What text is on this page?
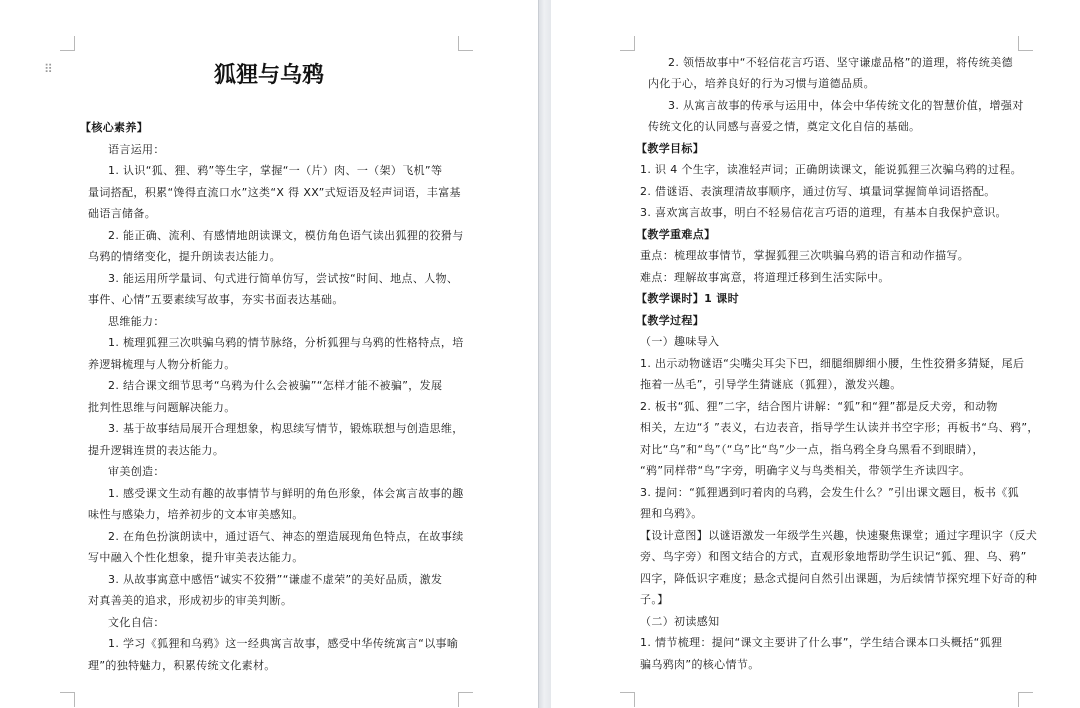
⠿	狐狸与乌鸦
【核心素养】
语言运用：
1. 认识“狐、狸、鸦”等生字，掌握“一（片）肉、一（架）飞机”等
量词搭配，积累“馋得直流口水”这类“X 得 XX”式短语及轻声词语，丰富基
础语言储备。
2. 能正确、流利、有感情地朗读课文，模仿角色语气读出狐狸的狡猾与
乌鸦的情绪变化，提升朗读表达能力。
3. 能运用所学量词、句式进行简单仿写，尝试按“时间、地点、人物、
事件、心情”五要素续写故事，夯实书面表达基础。
思维能力：
1. 梳理狐狸三次哄骗乌鸦的情节脉络，分析狐狸与乌鸦的性格特点，培
养逻辑梳理与人物分析能力。
2. 结合课文细节思考“乌鸦为什么会被骗”“怎样才能不被骗”，发展
批判性思维与问题解决能力。
3. 基于故事结局展开合理想象，构思续写情节，锻炼联想与创造思维，
提升逻辑连贯的表达能力。
审美创造：
1. 感受课文生动有趣的故事情节与鲜明的角色形象，体会寓言故事的趣
味性与感染力，培养初步的文本审美感知。
2. 在角色扮演朗读中，通过语气、神态的塑造展现角色特点，在故事续
写中融入个性化想象，提升审美表达能力。
3. 从故事寓意中感悟“诚实不狡猾”“谦虚不虚荣”的美好品质，激发
对真善美的追求，形成初步的审美判断。
文化自信：
1. 学习《狐狸和乌鸦》这一经典寓言故事，感受中华传统寓言“以事喻
理”的独特魅力，积累传统文化素材。
2. 领悟故事中“不轻信花言巧语、坚守谦虚品格”的道理，将传统美德
内化于心，培养良好的行为习惯与道德品质。
3. 从寓言故事的传承与运用中，体会中华传统文化的智慧价值，增强对
传统文化的认同感与喜爱之情，奠定文化自信的基础。
【教学目标】
1. 识 4 个生字，读准轻声词；正确朗读课文，能说狐狸三次骗乌鸦的过程。
2. 借谜语、表演理清故事顺序，通过仿写、填量词掌握简单词语搭配。
3. 喜欢寓言故事，明白不轻易信花言巧语的道理，有基本自我保护意识。
【教学重难点】
重点：梳理故事情节，掌握狐狸三次哄骗乌鸦的语言和动作描写。
难点：理解故事寓意，将道理迁移到生活实际中。
【教学课时】1 课时
【教学过程】
（一）趣味导入
1. 出示动物谜语“尖嘴尖耳尖下巴，细腿细脚细小腰，生性狡猾多猜疑，尾后
拖着一丛毛”，引导学生猜谜底（狐狸），激发兴趣。
2. 板书“狐、狸”二字，结合图片讲解：“狐”和“狸”都是反犬旁，和动物
相关，左边“犭”表义，右边表音，指导学生认读并书空字形；再板书“乌、鸦”，
对比“乌”和“鸟”（“乌”比“鸟”少一点，指乌鸦全身乌黑看不到眼睛），
“鸦”同样带“鸟”字旁，明确字义与鸟类相关，带领学生齐读四字。
3. 提问：“狐狸遇到叼着肉的乌鸦，会发生什么？”引出课文题目，板书《狐
狸和乌鸦》。
【设计意图】以谜语激发一年级学生兴趣，快速聚焦课堂；通过字理识字（反犬
旁、鸟字旁）和图文结合的方式，直观形象地帮助学生识记“狐、狸、乌、鸦”
四字，降低识字难度；悬念式提问自然引出课题，为后续情节探究埋下好奇的种
子。】
（二）初读感知
1. 情节梳理：提问“课文主要讲了什么事”，学生结合课本口头概括“狐狸
骗乌鸦肉”的核心情节。
